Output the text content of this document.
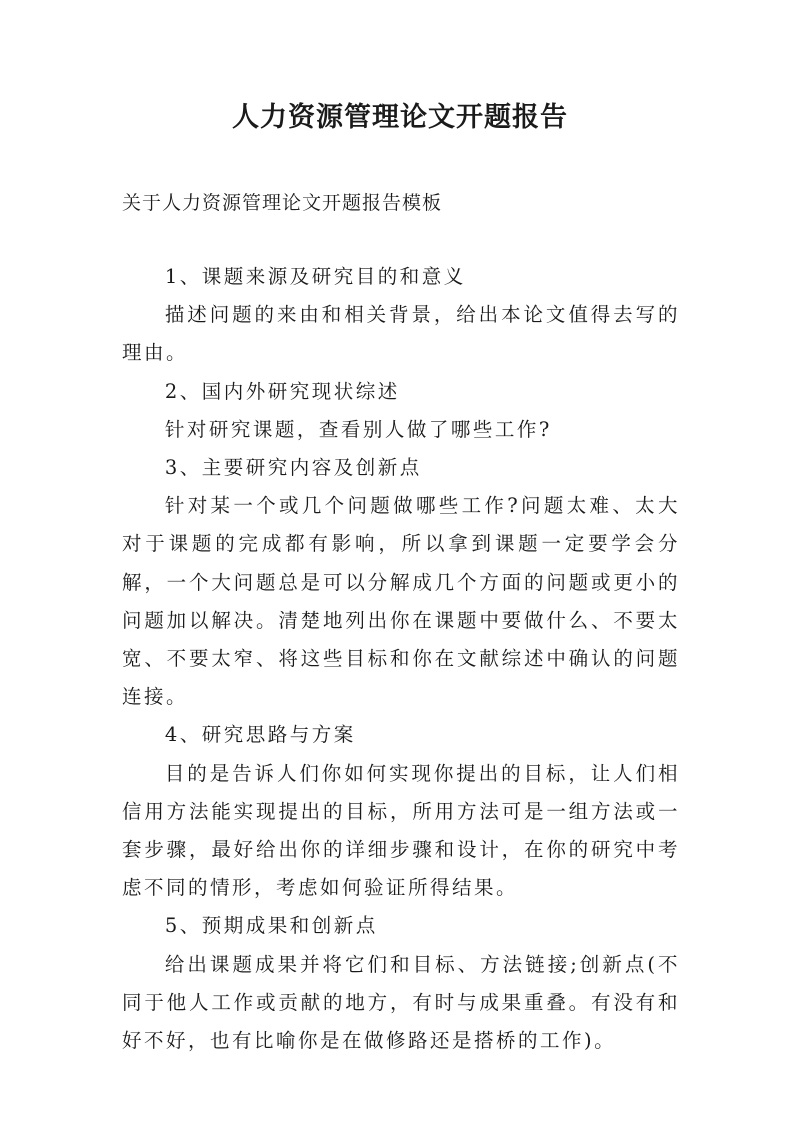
人力资源管理论文开题报告
关于人力资源管理论文开题报告模板

1、课题来源及研究目的和意义

描述问题的来由和相关背景，给出本论文值得去写的理由。

2、国内外研究现状综述

针对研究课题，查看别人做了哪些工作?

3、主要研究内容及创新点

针对某一个或几个问题做哪些工作?问题太难、太大对于课题的完成都有影响，所以拿到课题一定要学会分解，一个大问题总是可以分解成几个方面的问题或更小的问题加以解决。清楚地列出你在课题中要做什么、不要太宽、不要太窄、将这些目标和你在文献综述中确认的问题连接。

4、研究思路与方案

目的是告诉人们你如何实现你提出的目标，让人们相信用方法能实现提出的目标，所用方法可是一组方法或一套步骤，最好给出你的详细步骤和设计，在你的研究中考虑不同的情形，考虑如何验证所得结果。

5、预期成果和创新点

给出课题成果并将它们和目标、方法链接;创新点(不同于他人工作或贡献的地方，有时与成果重叠。有没有和好不好，也有比喻你是在做修路还是搭桥的工作)。
